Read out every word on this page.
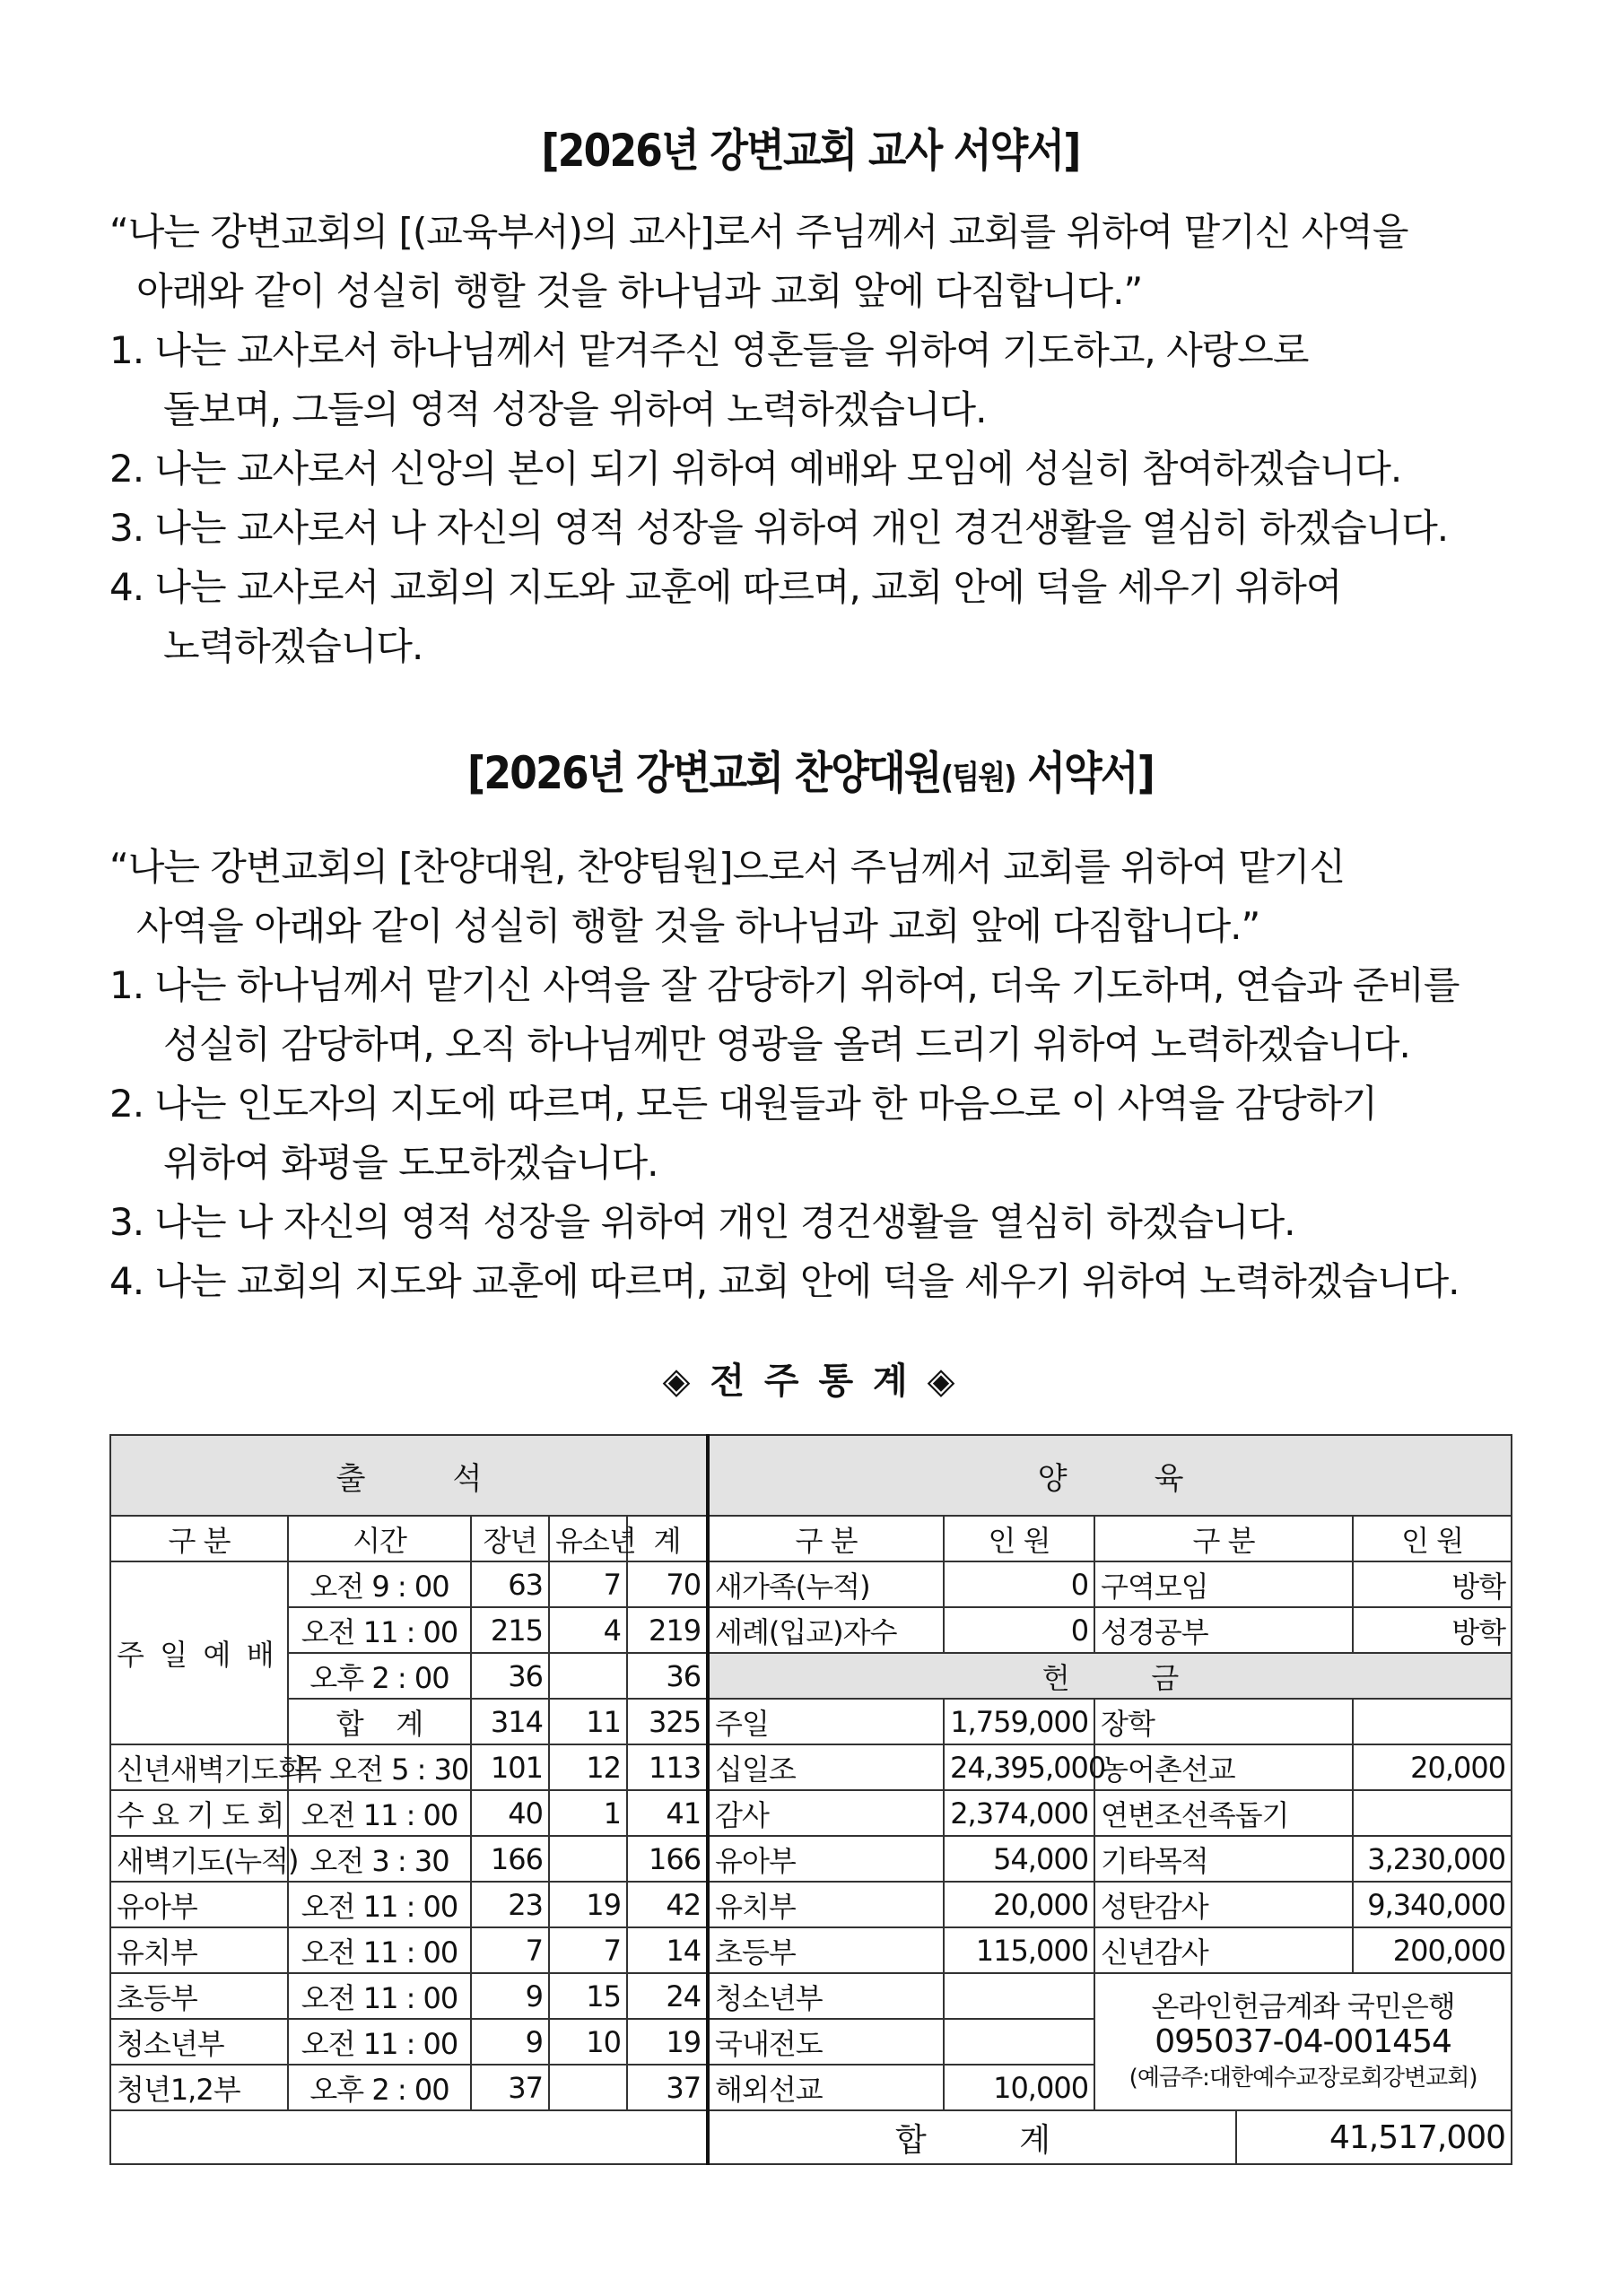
[2026년 강변교회 교사 서약서]
“나는 강변교회의 [(교육부서)의 교사]로서 주님께서 교회를 위하여 맡기신 사역을
아래와 같이 성실히 행할 것을 하나님과 교회 앞에 다짐합니다.”
1. 나는 교사로서 하나님께서 맡겨주신 영혼들을 위하여 기도하고, 사랑으로
돌보며, 그들의 영적 성장을 위하여 노력하겠습니다.
2. 나는 교사로서 신앙의 본이 되기 위하여 예배와 모임에 성실히 참여하겠습니다.
3. 나는 교사로서 나 자신의 영적 성장을 위하여 개인 경건생활을 열심히 하겠습니다.
4. 나는 교사로서 교회의 지도와 교훈에 따르며, 교회 안에 덕을 세우기 위하여
노력하겠습니다.
[2026년 강변교회 찬양대원(팀원) 서약서]
“나는 강변교회의 [찬양대원, 찬양팀원]으로서 주님께서 교회를 위하여 맡기신
사역을 아래와 같이 성실히 행할 것을 하나님과 교회 앞에 다짐합니다.”
1. 나는 하나님께서 맡기신 사역을 잘 감당하기 위하여, 더욱 기도하며, 연습과 준비를
성실히 감당하며, 오직 하나님께만 영광을 올려 드리기 위하여 노력하겠습니다.
2. 나는 인도자의 지도에 따르며, 모든 대원들과 한 마음으로 이 사역을 감당하기
위하여 화평을 도모하겠습니다.
3. 나는 나 자신의 영적 성장을 위하여 개인 경건생활을 열심히 하겠습니다.
4. 나는 교회의 지도와 교훈에 따르며, 교회 안에 덕을 세우기 위하여 노력하겠습니다.
◈ 전 주 통 계 ◈
출          석					양          육				
구 분	시간	장년	유소년	계	구 분	인 원	구 분		인 원
주  일  예  배	오전 9 : 00	63	7	70	새가족(누적)	0	구역모임		방학
	오전 11 : 00	215	4	219	세례(입교)자수	0	성경공부		방학
	오후 2 : 00	36		36	헌          금				
	합    계	314	11	325	주일	1,759,000	장학		
신년새벽기도회	목 오전 5 : 30	101	12	113	십일조	24,395,000	농어촌선교		20,000
수 요 기 도 회	오전 11 : 00	40	1	41	감사	2,374,000	연변조선족돕기		
새벽기도(누적)	오전 3 : 30	166		166	유아부	54,000	기타목적		3,230,000
유아부	오전 11 : 00	23	19	42	유치부	20,000	성탄감사		9,340,000
유치부	오전 11 : 00	7	7	14	초등부	115,000	신년감사		200,000
초등부	오전 11 : 00	9	15	24	청소년부		온라인헌금계좌 국민은행
095037-04-001454
(예금주:대한예수교장로회강변교회)		

청소년부	오전 11 : 00	9	10	19	국내전도				
청년1,2부	오후 2 : 00	37		37	해외선교	10,000			
					합          계			41,517,000	
